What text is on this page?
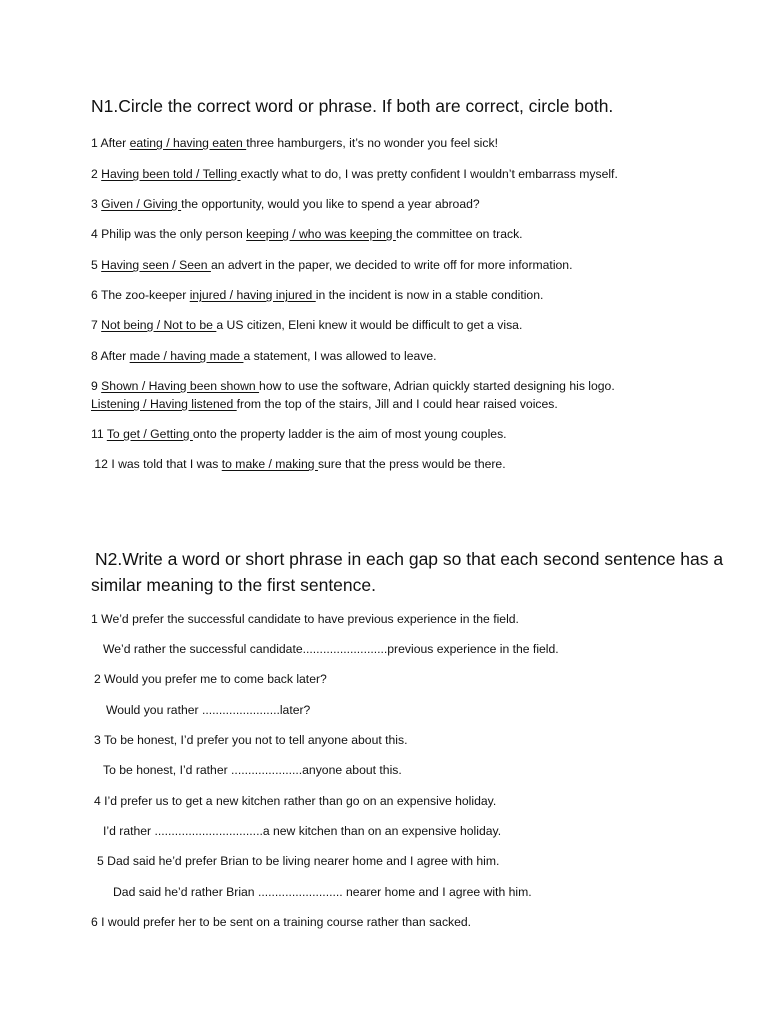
N1.Circle the correct word or phrase. If both are correct, circle both.
1 After eating / having eaten three hamburgers, it’s no wonder you feel sick!
2 Having been told / Telling exactly what to do, I was pretty confident I wouldn’t embarrass myself.
3 Given / Giving the opportunity, would you like to spend a year abroad?
4 Philip was the only person keeping / who was keeping the committee on track.
5 Having seen / Seen an advert in the paper, we decided to write off for more information.
6 The zoo-keeper injured / having injured in the incident is now in a stable condition.
7 Not being / Not to be a US citizen, Eleni knew it would be difficult to get a visa.
8 After made / having made a statement, I was allowed to leave.
9 Shown / Having been shown how to use the software, Adrian quickly started designing his logo.
Listening / Having listened from the top of the stairs, Jill and I could hear raised voices.
11 To get / Getting onto the property ladder is the aim of most young couples.
12 I was told that I was to make / making sure that the press would be there.
N2.Write a word or short phrase in each gap so that each second sentence has a similar meaning to the first sentence.
1 We’d prefer the successful candidate to have previous experience in the field.
We’d rather the successful candidate.........................previous experience in the field.
2 Would you prefer me to come back later?
Would you rather .......................later?
3 To be honest, I’d prefer you not to tell anyone about this.
To be honest, I’d rather .....................anyone about this.
4 I’d prefer us to get a new kitchen rather than go on an expensive holiday.
I’d rather ................................a new kitchen than on an expensive holiday.
5 Dad said he’d prefer Brian to be living nearer home and I agree with him.
Dad said he’d rather Brian ......................... nearer home and I agree with him.
6 I would prefer her to be sent on a training course rather than sacked.
